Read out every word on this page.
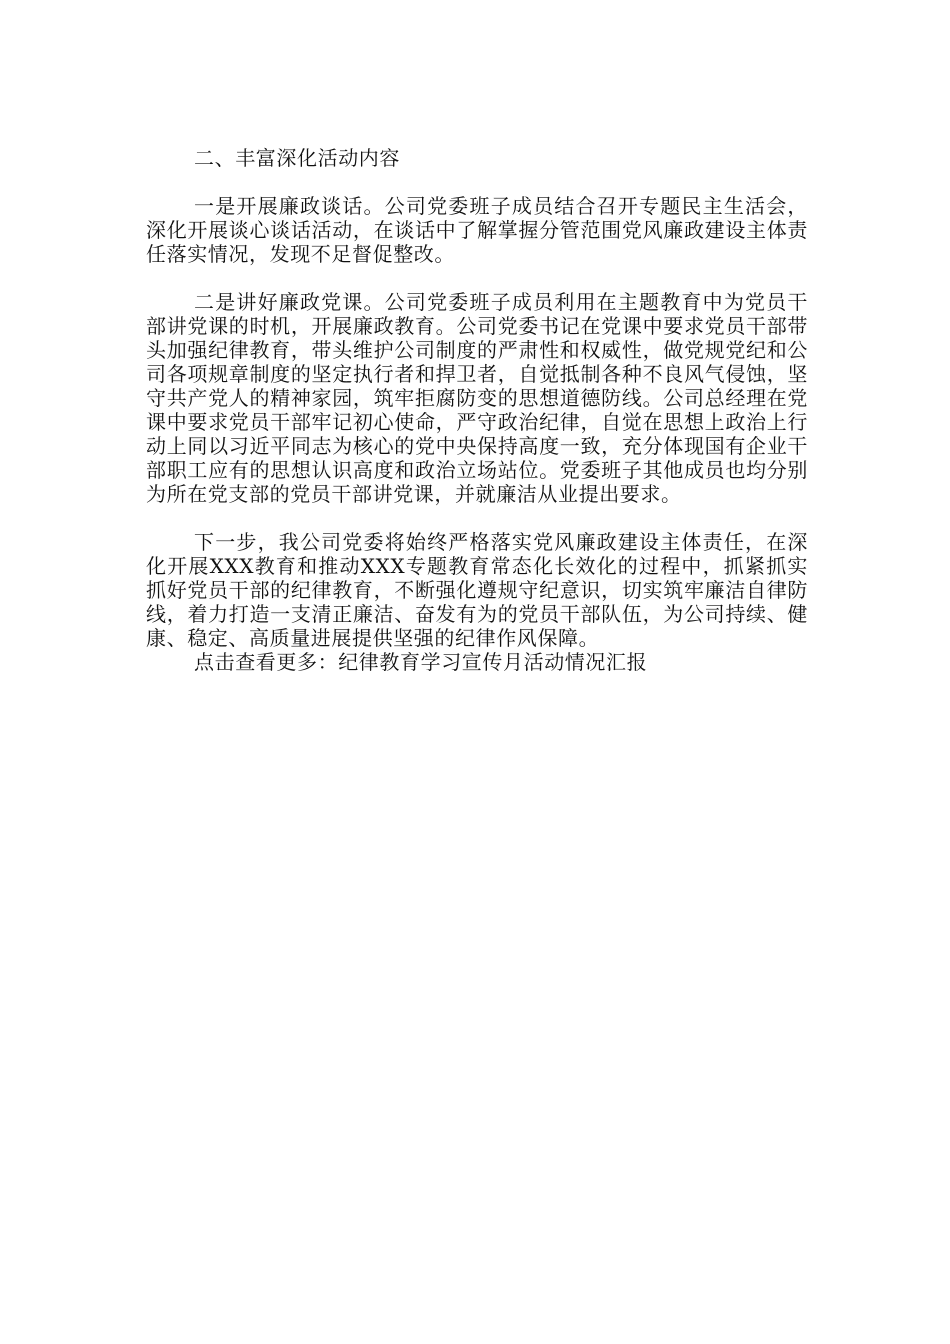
二、丰富深化活动内容

一是开展廉政谈话。公司党委班子成员结合召开专题民主生活会，深化开展谈心谈话活动，在谈话中了解掌握分管范围党风廉政建设主体责任落实情况，发现不足督促整改。

二是讲好廉政党课。公司党委班子成员利用在主题教育中为党员干部讲党课的时机，开展廉政教育。公司党委书记在党课中要求党员干部带头加强纪律教育，带头维护公司制度的严肃性和权威性，做党规党纪和公司各项规章制度的坚定执行者和捍卫者，自觉抵制各种不良风气侵蚀，坚守共产党人的精神家园，筑牢拒腐防变的思想道德防线。公司总经理在党课中要求党员干部牢记初心使命，严守政治纪律，自觉在思想上政治上行动上同以习近平同志为核心的党中央保持高度一致，充分体现国有企业干部职工应有的思想认识高度和政治立场站位。党委班子其他成员也均分别为所在党支部的党员干部讲党课，并就廉洁从业提出要求。

下一步，我公司党委将始终严格落实党风廉政建设主体责任，在深化开展XXX教育和推动XXX专题教育常态化长效化的过程中，抓紧抓实抓好党员干部的纪律教育，不断强化遵规守纪意识，切实筑牢廉洁自律防线，着力打造一支清正廉洁、奋发有为的党员干部队伍，为公司持续、健康、稳定、高质量进展提供坚强的纪律作风保障。

点击查看更多：纪律教育学习宣传月活动情况汇报
